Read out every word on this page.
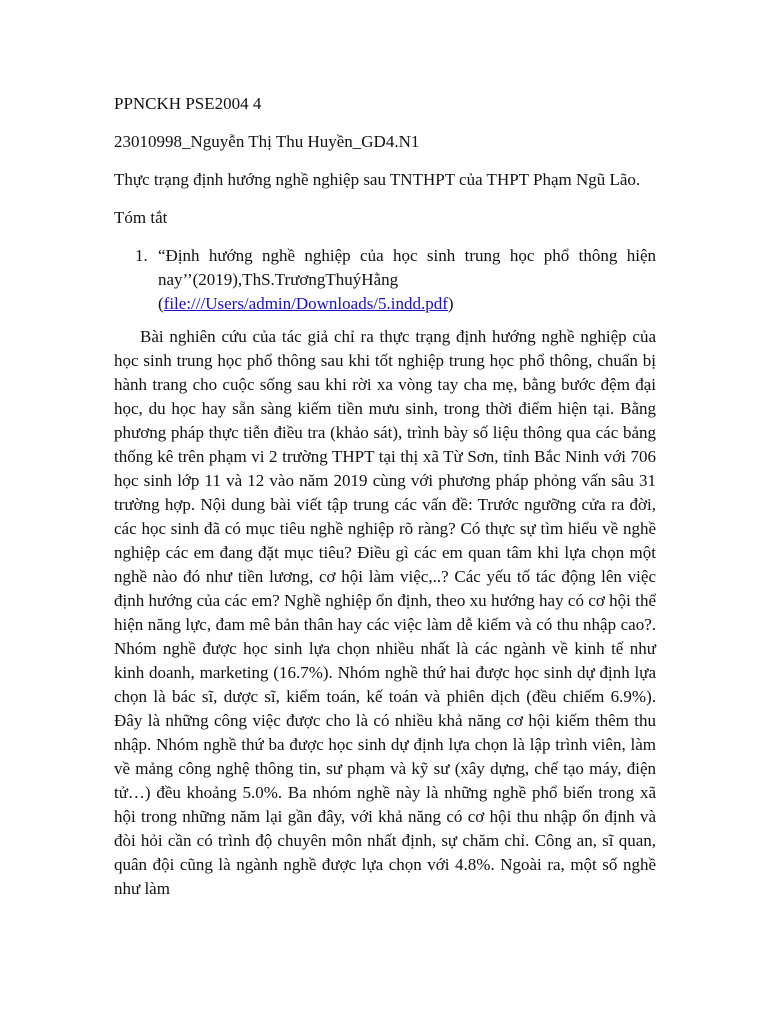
PPNCKH PSE2004 4

23010998_Nguyễn Thị Thu Huyền_GD4.N1

Thực trạng định hướng nghề nghiệp sau TNTHPT của THPT Phạm Ngũ Lão.

Tóm tắt

1. “Định hướng nghề nghiệp của học sinh trung học phổ thông hiện
nay’’(2019),ThS.TrươngThuýHằng
(file:///Users/admin/Downloads/5.indd.pdf)

Bài nghiên cứu của tác giả chỉ ra thực trạng định hướng nghề nghiệp của học sinh trung học phổ thông sau khi tốt nghiệp trung học phổ thông, chuẩn bị hành trang cho cuộc sống sau khi rời xa vòng tay cha mẹ, bằng bước đệm đại học, du học hay sẵn sàng kiếm tiền mưu sinh, trong thời điểm hiện tại. Bằng phương pháp thực tiễn điều tra (khảo sát), trình bày số liệu thông qua các bảng thống kê trên phạm vi 2 trường THPT tại thị xã Từ Sơn, tỉnh Bắc Ninh với 706 học sinh lớp 11 và 12 vào năm 2019 cùng với phương pháp phỏng vấn sâu 31 trường hợp. Nội dung bài viết tập trung các vấn đề: Trước ngưỡng cửa ra đời, các học sinh đã có mục tiêu nghề nghiệp rõ ràng? Có thực sự tìm hiểu về nghề nghiệp các em đang đặt mục tiêu? Điều gì các em quan tâm khi lựa chọn một nghề nào đó như tiền lương, cơ hội làm việc,..? Các yếu tố tác động lên việc định hướng của các em? Nghề nghiệp ổn định, theo xu hướng hay có cơ hội thể hiện năng lực, đam mê bản thân hay các việc làm dễ kiếm và có thu nhập cao?. Nhóm nghề được học sinh lựa chọn nhiều nhất là các ngành về kinh tế như kinh doanh, marketing (16.7%). Nhóm nghề thứ hai được học sinh dự định lựa chọn là bác sĩ, dược sĩ, kiểm toán, kế toán và phiên dịch (đều chiếm 6.9%). Đây là những công việc được cho là có nhiều khả năng cơ hội kiếm thêm thu nhập. Nhóm nghề thứ ba được học sinh dự định lựa chọn là lập trình viên, làm về mảng công nghệ thông tin, sư phạm và kỹ sư (xây dựng, chế tạo máy, điện tử…) đều khoảng 5.0%. Ba nhóm nghề này là những nghề phổ biến trong xã hội trong những năm lại gần đây, với khả năng có cơ hội thu nhập ổn định và đòi hỏi cần có trình độ chuyên môn nhất định, sự chăm chỉ. Công an, sĩ quan, quân đội cũng là ngành nghề được lựa chọn với 4.8%. Ngoài ra, một số nghề như làm
